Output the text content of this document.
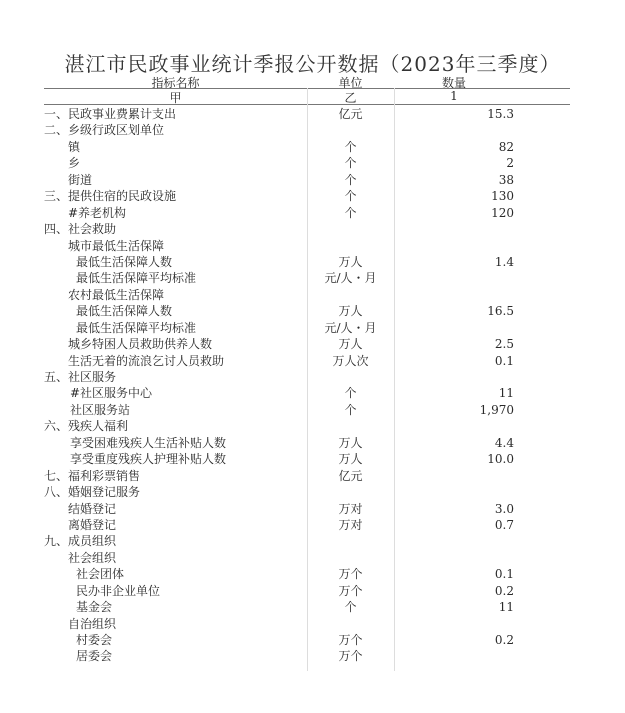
湛江市民政事业统计季报公开数据（2023年三季度）
指标名称	单位	数量
甲	乙	1
一、民政事业费累计支出	亿元	15.3
二、乡级行政区划单位
镇	个	82
乡	个	2
街道	个	38
三、提供住宿的民政设施	个	130
#养老机构	个	120
四、社会救助
城市最低生活保障
最低生活保障人数	万人	1.4
最低生活保障平均标准	元/人・月
农村最低生活保障
最低生活保障人数	万人	16.5
最低生活保障平均标准	元/人・月
城乡特困人员救助供养人数	万人	2.5
生活无着的流浪乞讨人员救助	万人次	0.1
五、社区服务
#社区服务中心	个	11
社区服务站	个	1,970
六、残疾人福利
享受困难残疾人生活补贴人数	万人	4.4
享受重度残疾人护理补贴人数	万人	10.0
七、福利彩票销售	亿元
八、婚姻登记服务
结婚登记	万对	3.0
离婚登记	万对	0.7
九、成员组织
社会组织
社会团体	万个	0.1
民办非企业单位	万个	0.2
基金会	个	11
自治组织
村委会	万个	0.2
居委会	万个
